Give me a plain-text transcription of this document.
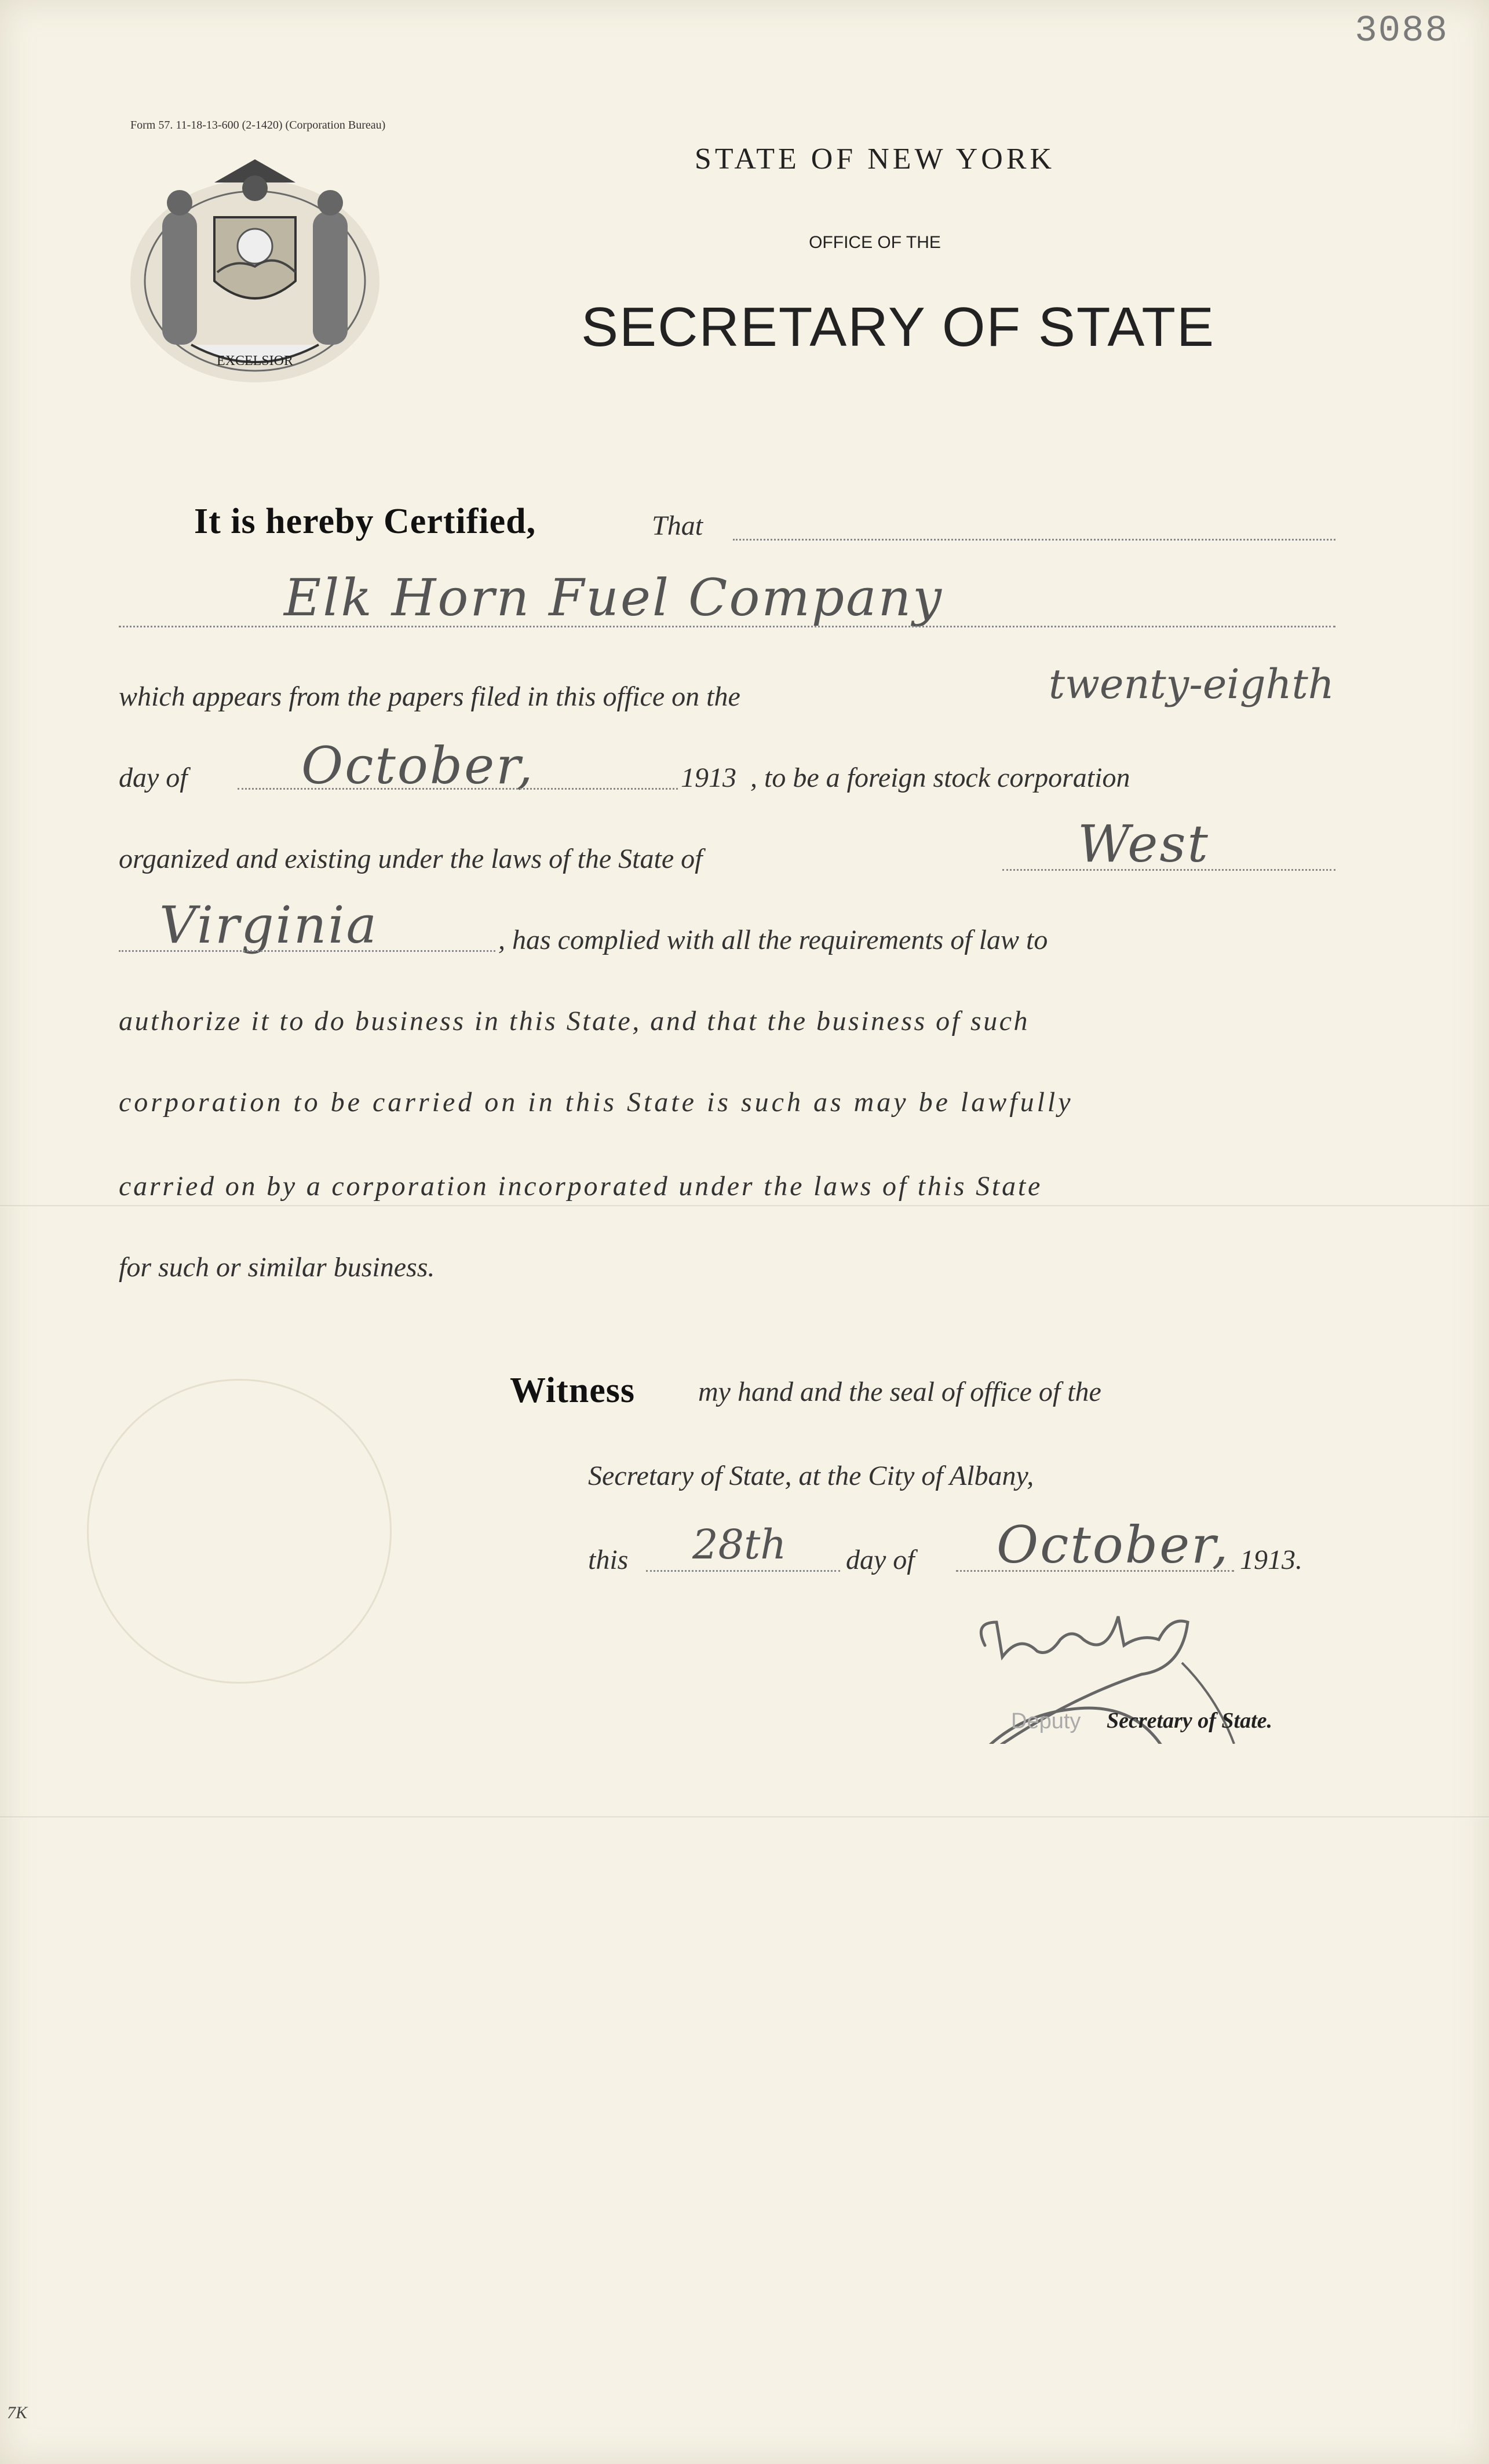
3088
Form 57. 11-18-13-600 (2-1420) (Corporation Bureau)
EXCELSIOR
STATE OF NEW YORK
OFFICE OF THE
SECRETARY OF STATE
It is hereby Certified,	That
Elk Horn Fuel Company
which appears from the papers filed in this office on the	twenty-eighth
day of October,	1913 , to be a foreign stock corporation
organized and existing under the laws of the State of	West
Virginia	, has complied with all the requirements of law to
authorize it to do business in this State, and that the business of such
corporation to be carried on in this State is such as may be lawfully
carried on by a corporation incorporated under the laws of this State
for such or similar business.
Witness my hand and the seal of office of the
Secretary of State, at the City of Albany,
this 28th day of October, 1913.
Deputy Secretary of State.
7K
